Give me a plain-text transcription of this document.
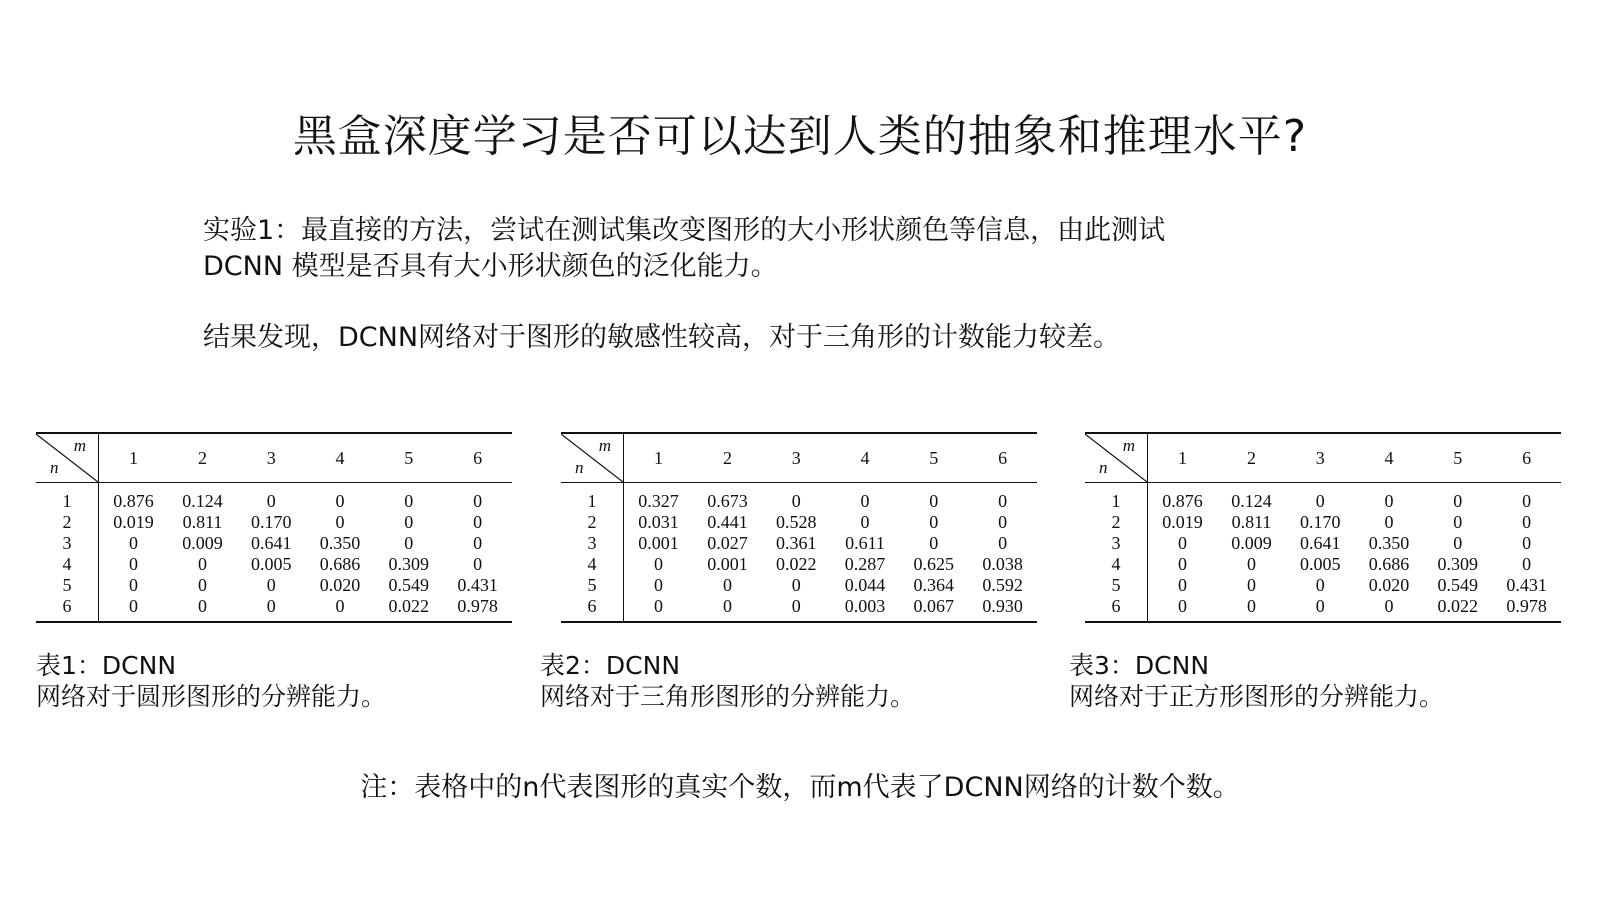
黑盒深度学习是否可以达到人类的抽象和推理水平?
实验1：最直接的方法，尝试在测试集改变图形的大小形状颜色等信息，由此测试
DCNN 模型是否具有大小形状颜色的泛化能力。
结果发现，DCNN网络对于图形的敏感性较高，对于三角形的计数能力较差。
m
n	1	2	3	4	5	6
1	0.876	0.124	0	0	0	0
2	0.019	0.811	0.170	0	0	0
3	0	0.009	0.641	0.350	0	0
4	0	0	0.005	0.686	0.309	0
5	0	0	0	0.020	0.549	0.431
6	0	0	0	0	0.022	0.978
m
n	1	2	3	4	5	6
1	0.327	0.673	0	0	0	0
2	0.031	0.441	0.528	0	0	0
3	0.001	0.027	0.361	0.611	0	0
4	0	0.001	0.022	0.287	0.625	0.038
5	0	0	0	0.044	0.364	0.592
6	0	0	0	0.003	0.067	0.930
m
n	1	2	3	4	5	6
1	0.876	0.124	0	0	0	0
2	0.019	0.811	0.170	0	0	0
3	0	0.009	0.641	0.350	0	0
4	0	0	0.005	0.686	0.309	0
5	0	0	0	0.020	0.549	0.431
6	0	0	0	0	0.022	0.978
表1：DCNN
网络对于圆形图形的分辨能力。
表2：DCNN
网络对于三角形图形的分辨能力。
表3：DCNN
网络对于正方形图形的分辨能力。
注：表格中的n代表图形的真实个数，而m代表了DCNN网络的计数个数。
